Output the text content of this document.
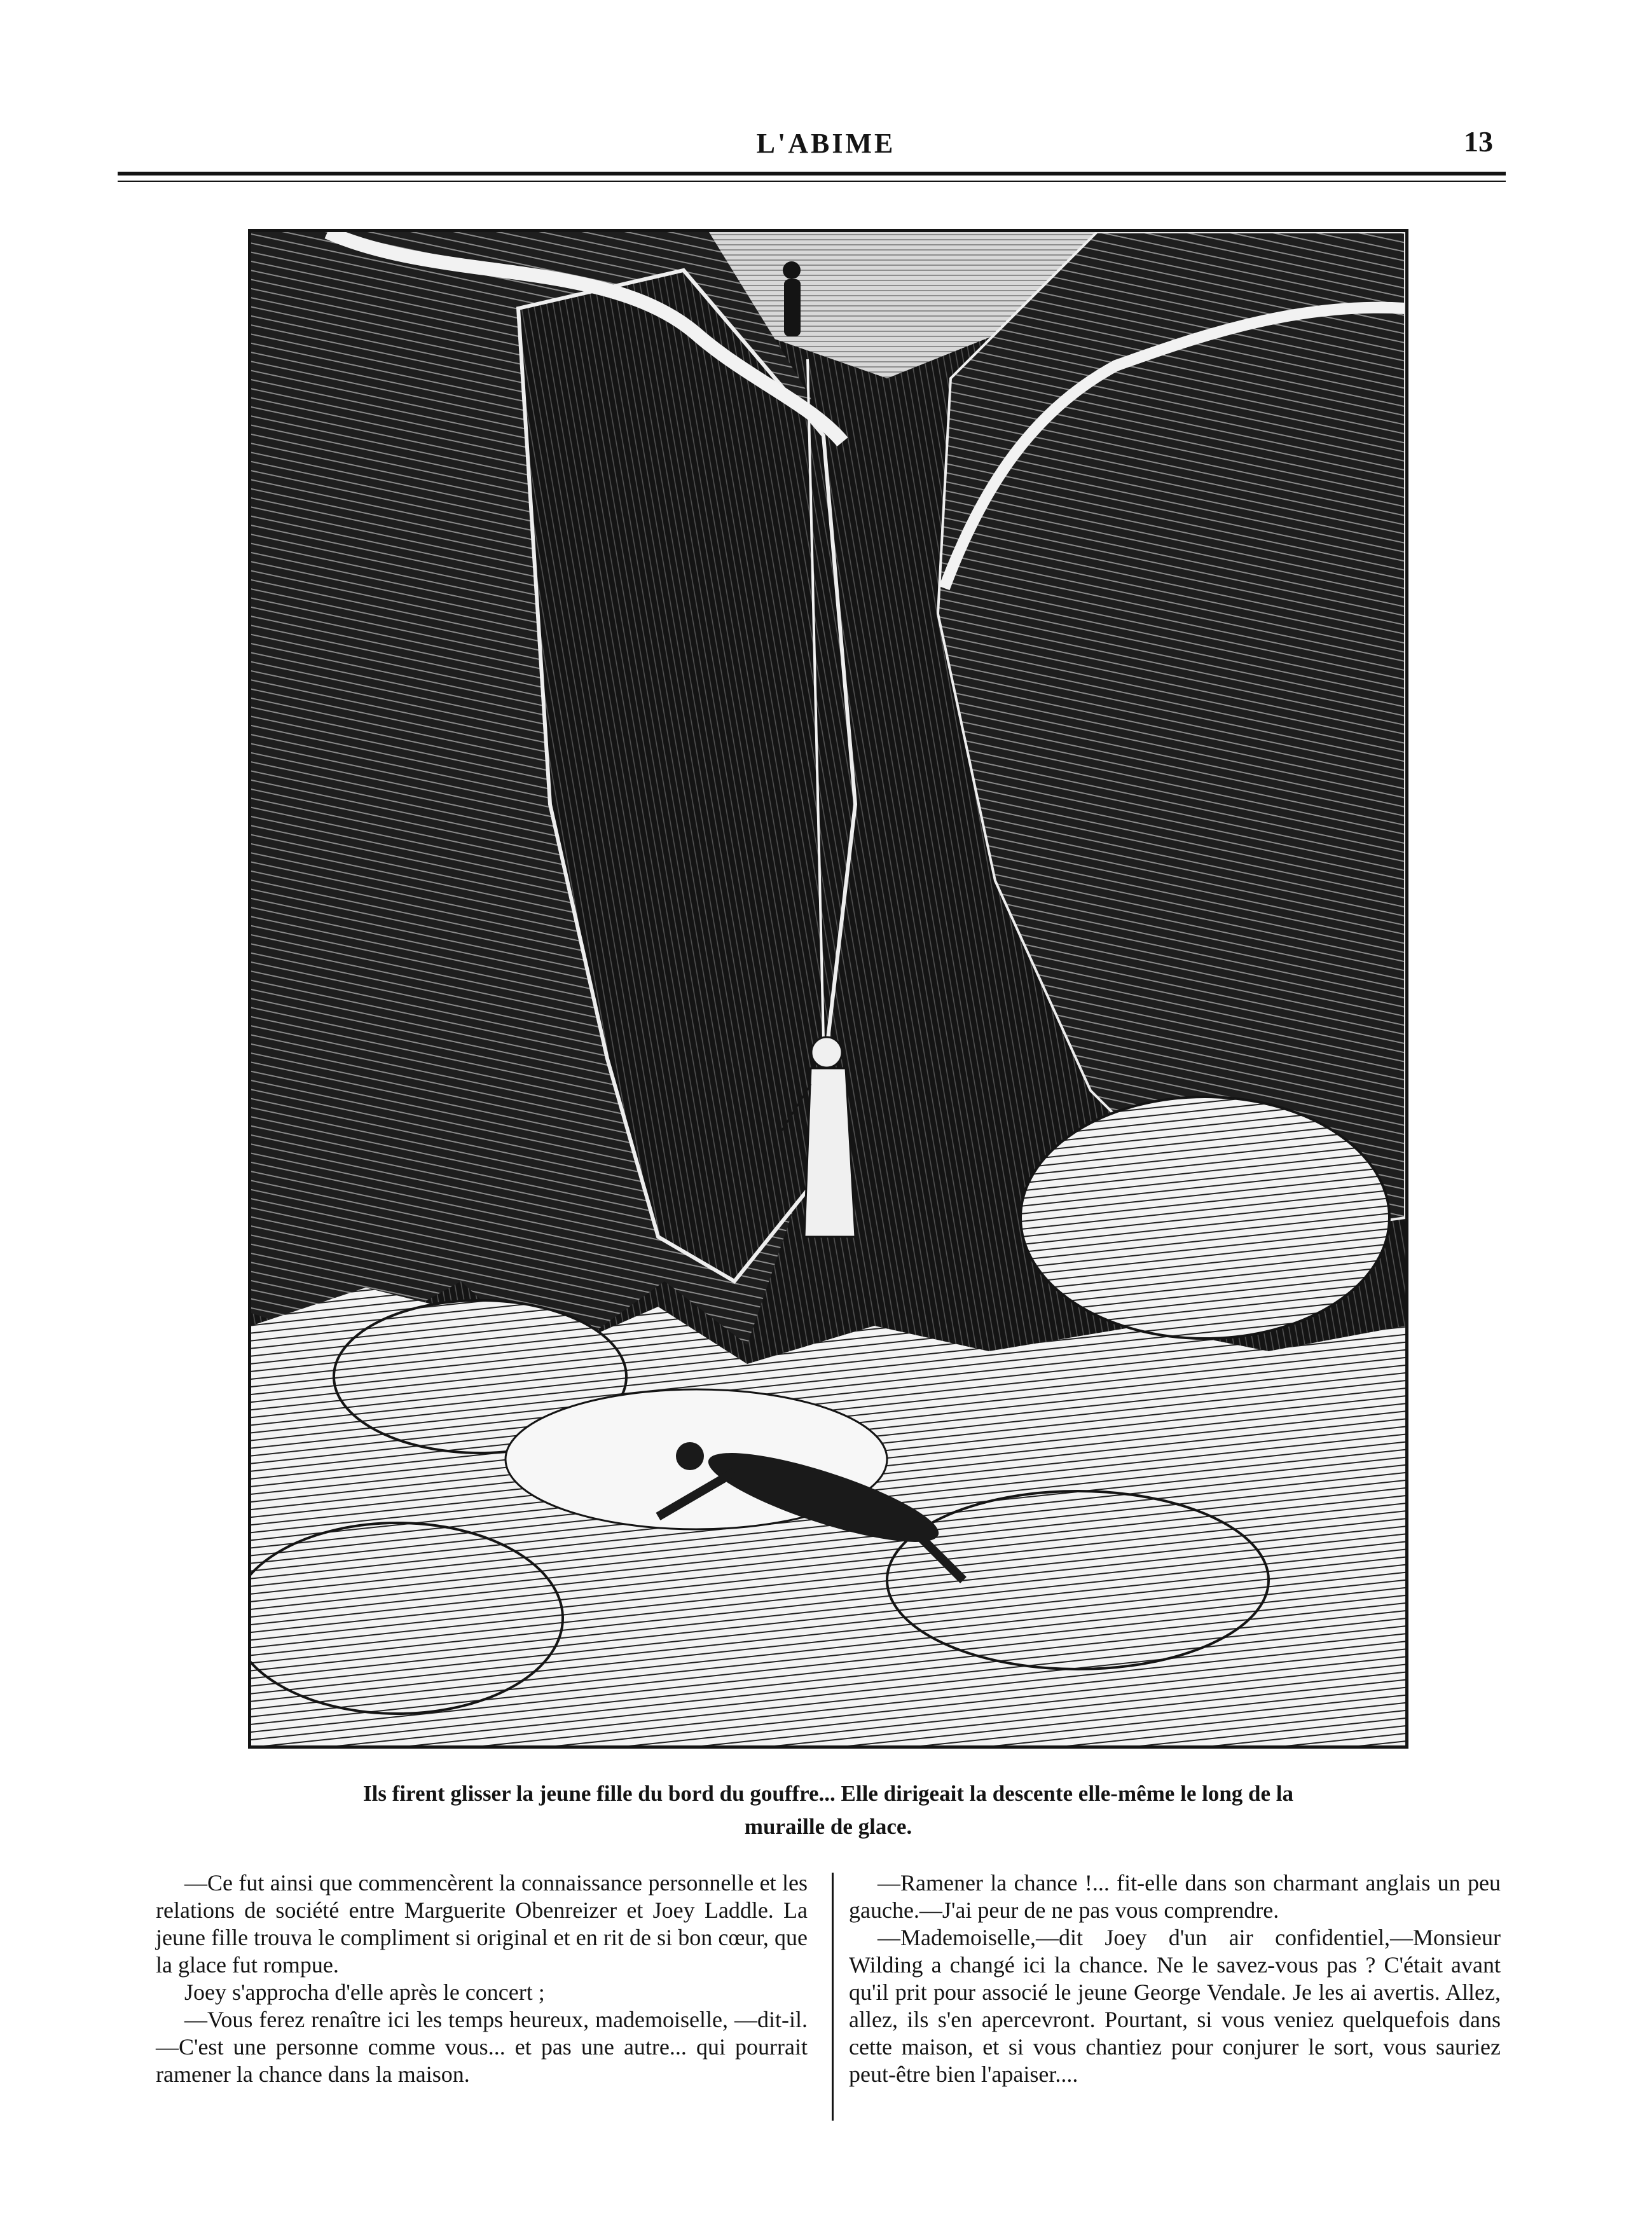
L'ABIME	13
Ils firent glisser la jeune fille du bord du gouffre... Elle dirigeait la descente elle-même le long de la
muraille de glace.

—Ce fut ainsi que commencèrent la connaissance personnelle et les relations de société entre Marguerite Obenreizer et Joey Laddle. La jeune fille trouva le compliment si original et en rit de si bon cœur, que la glace fut rompue.

Joey s'approcha d'elle après le concert ;

—Vous ferez renaître ici les temps heureux, mademoiselle, —dit-il.—C'est une personne comme vous... et pas une autre... qui pourrait ramener la chance dans la maison.

—Ramener la chance !... fit-elle dans son charmant anglais un peu gauche.—J'ai peur de ne pas vous comprendre.

—Mademoiselle,—dit Joey d'un air confidentiel,—Monsieur Wilding a changé ici la chance. Ne le savez-vous pas ? C'était avant qu'il prit pour associé le jeune George Vendale. Je les ai avertis. Allez, allez, ils s'en apercevront. Pourtant, si vous veniez quelquefois dans cette maison, et si vous chantiez pour conjurer le sort, vous sauriez peut-être bien l'apaiser....
